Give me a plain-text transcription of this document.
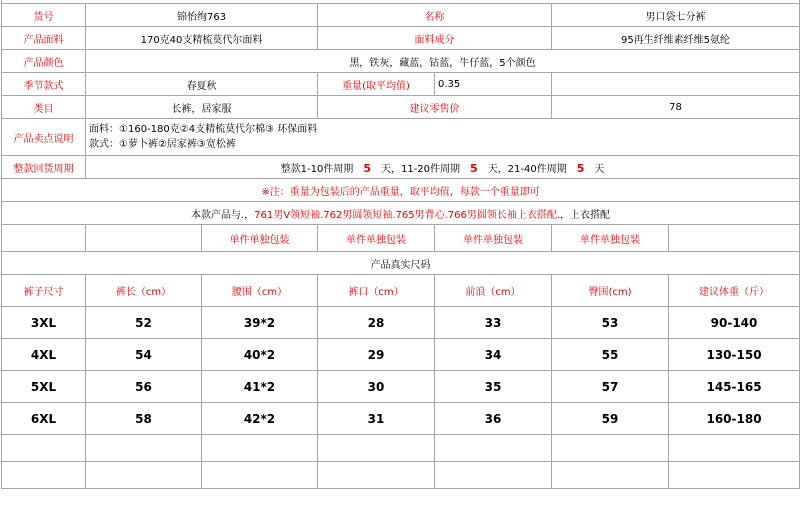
货号	锦怡绚763		名称		男口袋七分裤	
产品面料	170克40支精梳莫代尔面料		面料成分		95再生纤维素纤维5氨纶	
产品颜色	黑，铁灰，藏蓝，钴蓝，牛仔蓝，5个颜色					
季节款式	春夏秋		重量(取平均值)	0.35		
类目	长裤，居家服		建议零售价		78	
产品卖点说明	面料：①160-180克②4支精梳莫代尔棉③ 环保面料
款式：①萝卜裤②居家裤③宽松裤					

整款回货周期	整款1-10件周期 5 天，11-20件周期 5 天，21-40件周期 5 天					
※注：重量为包装后的产品重量，取平均值，每款一个重量即可						
本款产品与.，761男V领短袖.762男圆领短袖.765男背心.766男圆领长袖上衣搭配.，上衣搭配						
		单件单独包装	单件单独包装	单件单独包装	单件单独包装	
产品真实尺码						
裤子尺寸	裤长（cm）	腰围（cm）	裤口（cm）	前浪（cm）	臀围(cm)	建议体重（斤）
3XL	52	39*2	28	33	53	90-140
4XL	54	40*2	29	34	55	130-150
5XL	56	41*2	30	35	57	145-165
6XL	58	42*2	31	36	59	160-180
